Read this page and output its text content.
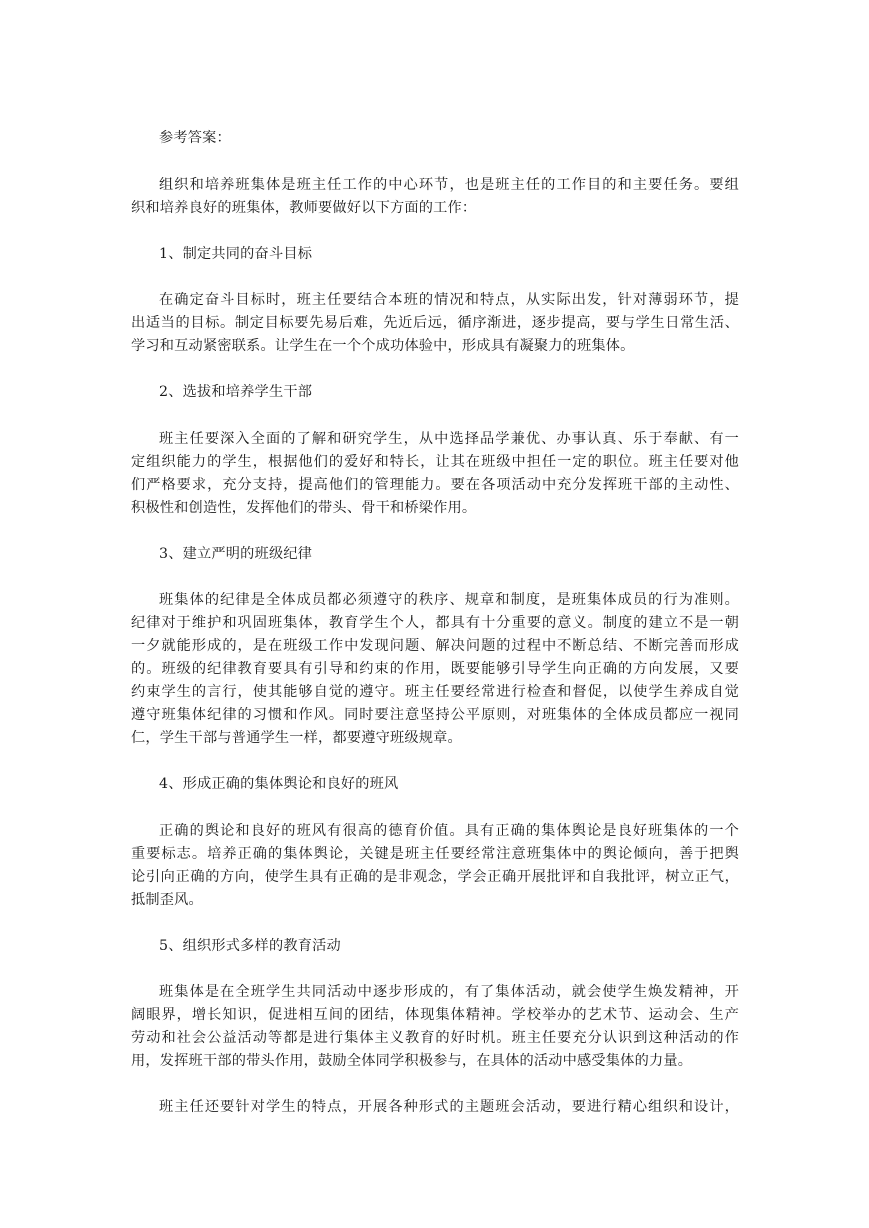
参考答案：
组织和培养班集体是班主任工作的中心环节，也是班主任的工作目的和主要任务。要组
织和培养良好的班集体，教师要做好以下方面的工作：
1、制定共同的奋斗目标
在确定奋斗目标时，班主任要结合本班的情况和特点，从实际出发，针对薄弱环节，提
出适当的目标。制定目标要先易后难，先近后远，循序渐进，逐步提高，要与学生日常生活、
学习和互动紧密联系。让学生在一个个成功体验中，形成具有凝聚力的班集体。
2、选拔和培养学生干部
班主任要深入全面的了解和研究学生，从中选择品学兼优、办事认真、乐于奉献、有一
定组织能力的学生，根据他们的爱好和特长，让其在班级中担任一定的职位。班主任要对他
们严格要求，充分支持，提高他们的管理能力。要在各项活动中充分发挥班干部的主动性、
积极性和创造性，发挥他们的带头、骨干和桥梁作用。
3、建立严明的班级纪律
班集体的纪律是全体成员都必须遵守的秩序、规章和制度，是班集体成员的行为准则。
纪律对于维护和巩固班集体，教育学生个人，都具有十分重要的意义。制度的建立不是一朝
一夕就能形成的，是在班级工作中发现问题、解决问题的过程中不断总结、不断完善而形成
的。班级的纪律教育要具有引导和约束的作用，既要能够引导学生向正确的方向发展，又要
约束学生的言行，使其能够自觉的遵守。班主任要经常进行检查和督促，以使学生养成自觉
遵守班集体纪律的习惯和作风。同时要注意坚持公平原则，对班集体的全体成员都应一视同
仁，学生干部与普通学生一样，都要遵守班级规章。
4、形成正确的集体舆论和良好的班风
正确的舆论和良好的班风有很高的德育价值。具有正确的集体舆论是良好班集体的一个
重要标志。培养正确的集体舆论，关键是班主任要经常注意班集体中的舆论倾向，善于把舆
论引向正确的方向，使学生具有正确的是非观念，学会正确开展批评和自我批评，树立正气，
抵制歪风。
5、组织形式多样的教育活动
班集体是在全班学生共同活动中逐步形成的，有了集体活动，就会使学生焕发精神，开
阔眼界，增长知识，促进相互间的团结，体现集体精神。学校举办的艺术节、运动会、生产
劳动和社会公益活动等都是进行集体主义教育的好时机。班主任要充分认识到这种活动的作
用，发挥班干部的带头作用，鼓励全体同学积极参与，在具体的活动中感受集体的力量。
班主任还要针对学生的特点，开展各种形式的主题班会活动，要进行精心组织和设计，
